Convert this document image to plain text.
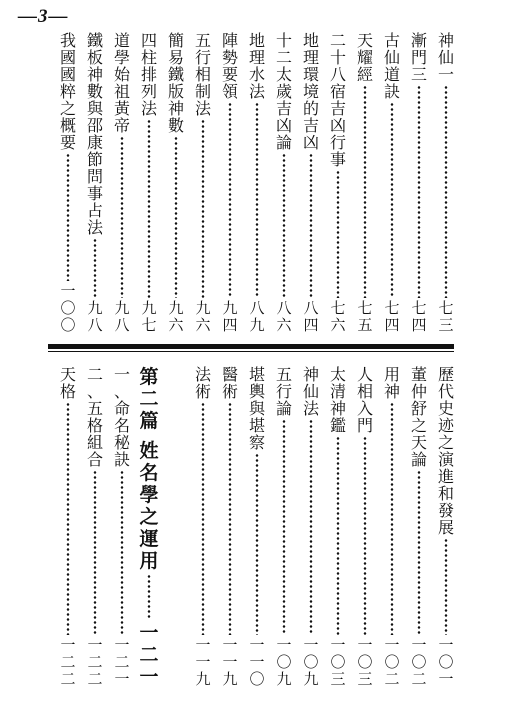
—3—
神
仙
一
七
三
漸
門
三
七
四
古
仙
道
訣
七
四
天
耀
經
七
五
二
十
八
宿
吉
凶
行
事
七
六
地
理
環
境
的
吉
凶
八
四
十
二
太
歲
吉
凶
論
八
六
地
理
水
法
八
九
陣
勢
要
領
九
四
五
行
相
制
法
九
六
簡
易
鐵
版
神
數
九
六
四
柱
排
列
法
九
七
道
學
始
祖
黃
帝
九
八
鐵
板
神
數
與
邵
康
節
問
事
占
法
九
八
我
國
國
粹
之
概
要
一
〇
〇
歷
代
史
迹
之
演
進
和
發
展
一
〇
一
董
仲
舒
之
天
論
一
〇
二
用
神
一
〇
二
人
相
入
門
一
〇
三
太
清
神
鑑
一
〇
三
神
仙
法
一
〇
九
五
行
論
一
〇
九
堪
輿
與
堪
察
一
一
〇
醫
術
一
一
九
法
術
一
一
九
第
二
篇
姓
名
學
之
運
用
一
二
一
一
、
命
名
秘
訣
一
二
一
二
、
五
格
組
合
一
二
二
天
格
一
二
二
